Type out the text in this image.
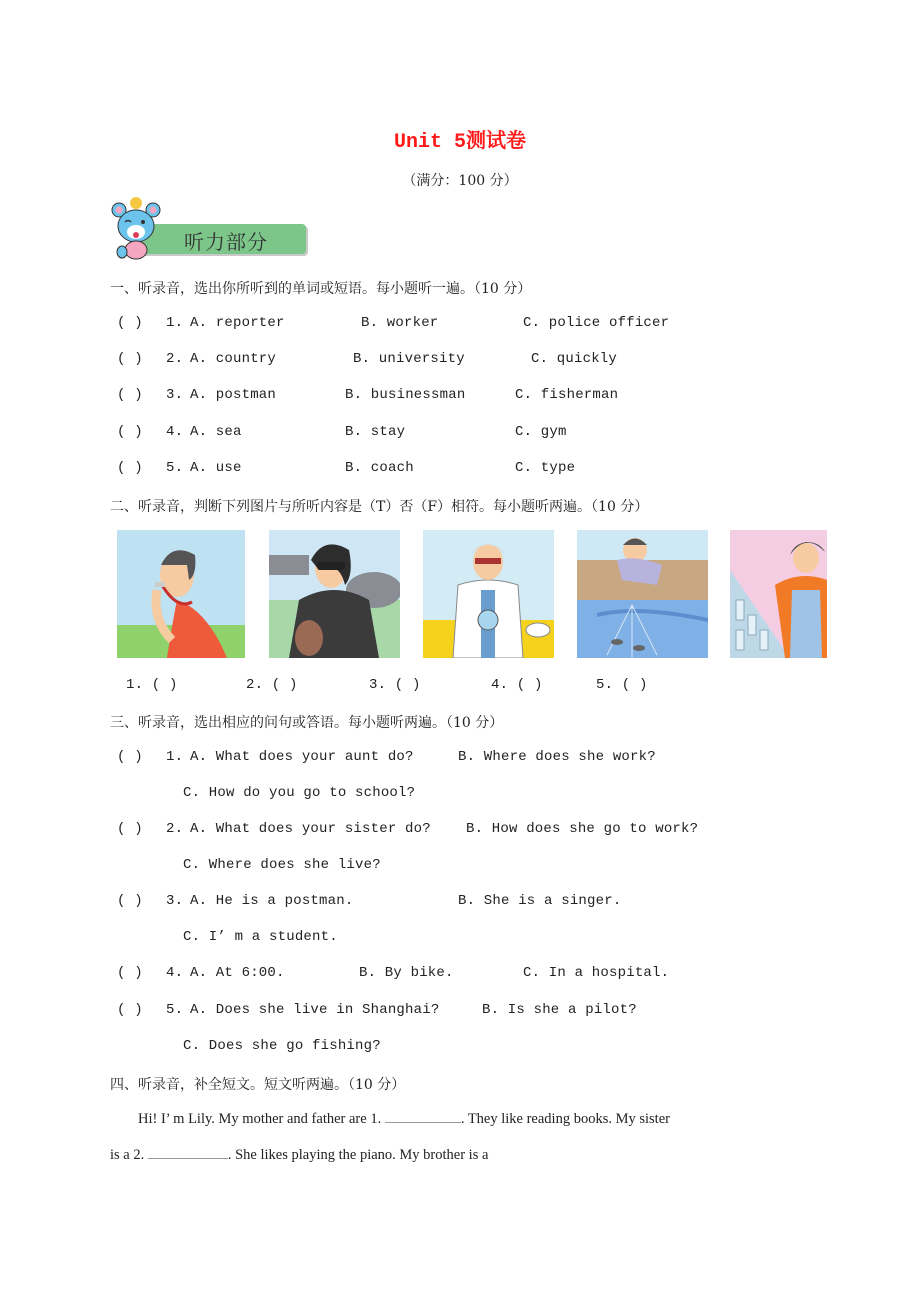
Unit 5测试卷
（满分：100 分）
听力部分
一、听录音，选出你所听到的单词或短语。每小题听一遍。（10 分）
( ) 1. A. reporter	B. worker	C. police officer
( ) 2. A. country	B. university	C. quickly
( ) 3. A. postman	B. businessman	C. fisherman
( ) 4. A. sea	B. stay	C. gym
( ) 5. A. use	B. coach	C. type
二、听录音，判断下列图片与所听内容是（T）否（F）相符。每小题听两遍。（10 分）
1. ( )	2. ( )	3. ( )	4. ( )	5. ( )
三、听录音，选出相应的问句或答语。每小题听两遍。（10 分）
( ) 1. A. What does your aunt do?	B. Where does she work?
C. How do you go to school?
( ) 2. A. What does your sister do?	B. How does she go to work?
C. Where does she live?
( ) 3. A. He is a postman.	B. She is a singer.
C. I’ m a student.
( ) 4. A. At 6:00.	B. By bike.	C. In a hospital.
( ) 5. A. Does she live in Shanghai?	B. Is she a pilot?
C. Does she go fishing?
四、听录音，补全短文。短文听两遍。（10 分）
Hi! I’ m Lily. My mother and father are 1.	. They like reading books. My sister
is a 2.	. She likes playing the piano. My brother is a
